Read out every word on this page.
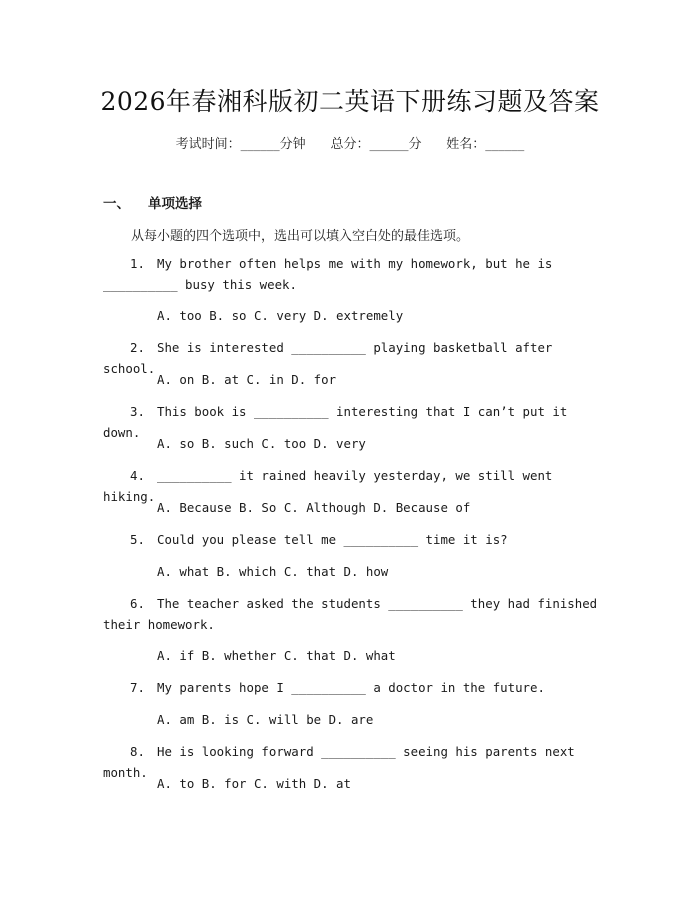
2026年春湘科版初二英语下册练习题及答案
考试时间：______分钟 总分：______分 姓名：______
一、 单项选择
从每小题的四个选项中，选出可以填入空白处的最佳选项。
1. My brother often helps me with my homework, but he is __________ busy this week.
A. too B. so C. very D. extremely
2. She is interested __________ playing basketball after school.
A. on B. at C. in D. for
3. This book is __________ interesting that I can’t put it down.
A. so B. such C. too D. very
4. __________ it rained heavily yesterday, we still went hiking.
A. Because B. So C. Although D. Because of
5. Could you please tell me __________ time it is?
A. what B. which C. that D. how
6. The teacher asked the students __________ they had finished their homework.
A. if B. whether C. that D. what
7. My parents hope I __________ a doctor in the future.
A. am B. is C. will be D. are
8. He is looking forward __________ seeing his parents next month.
A. to B. for C. with D. at
